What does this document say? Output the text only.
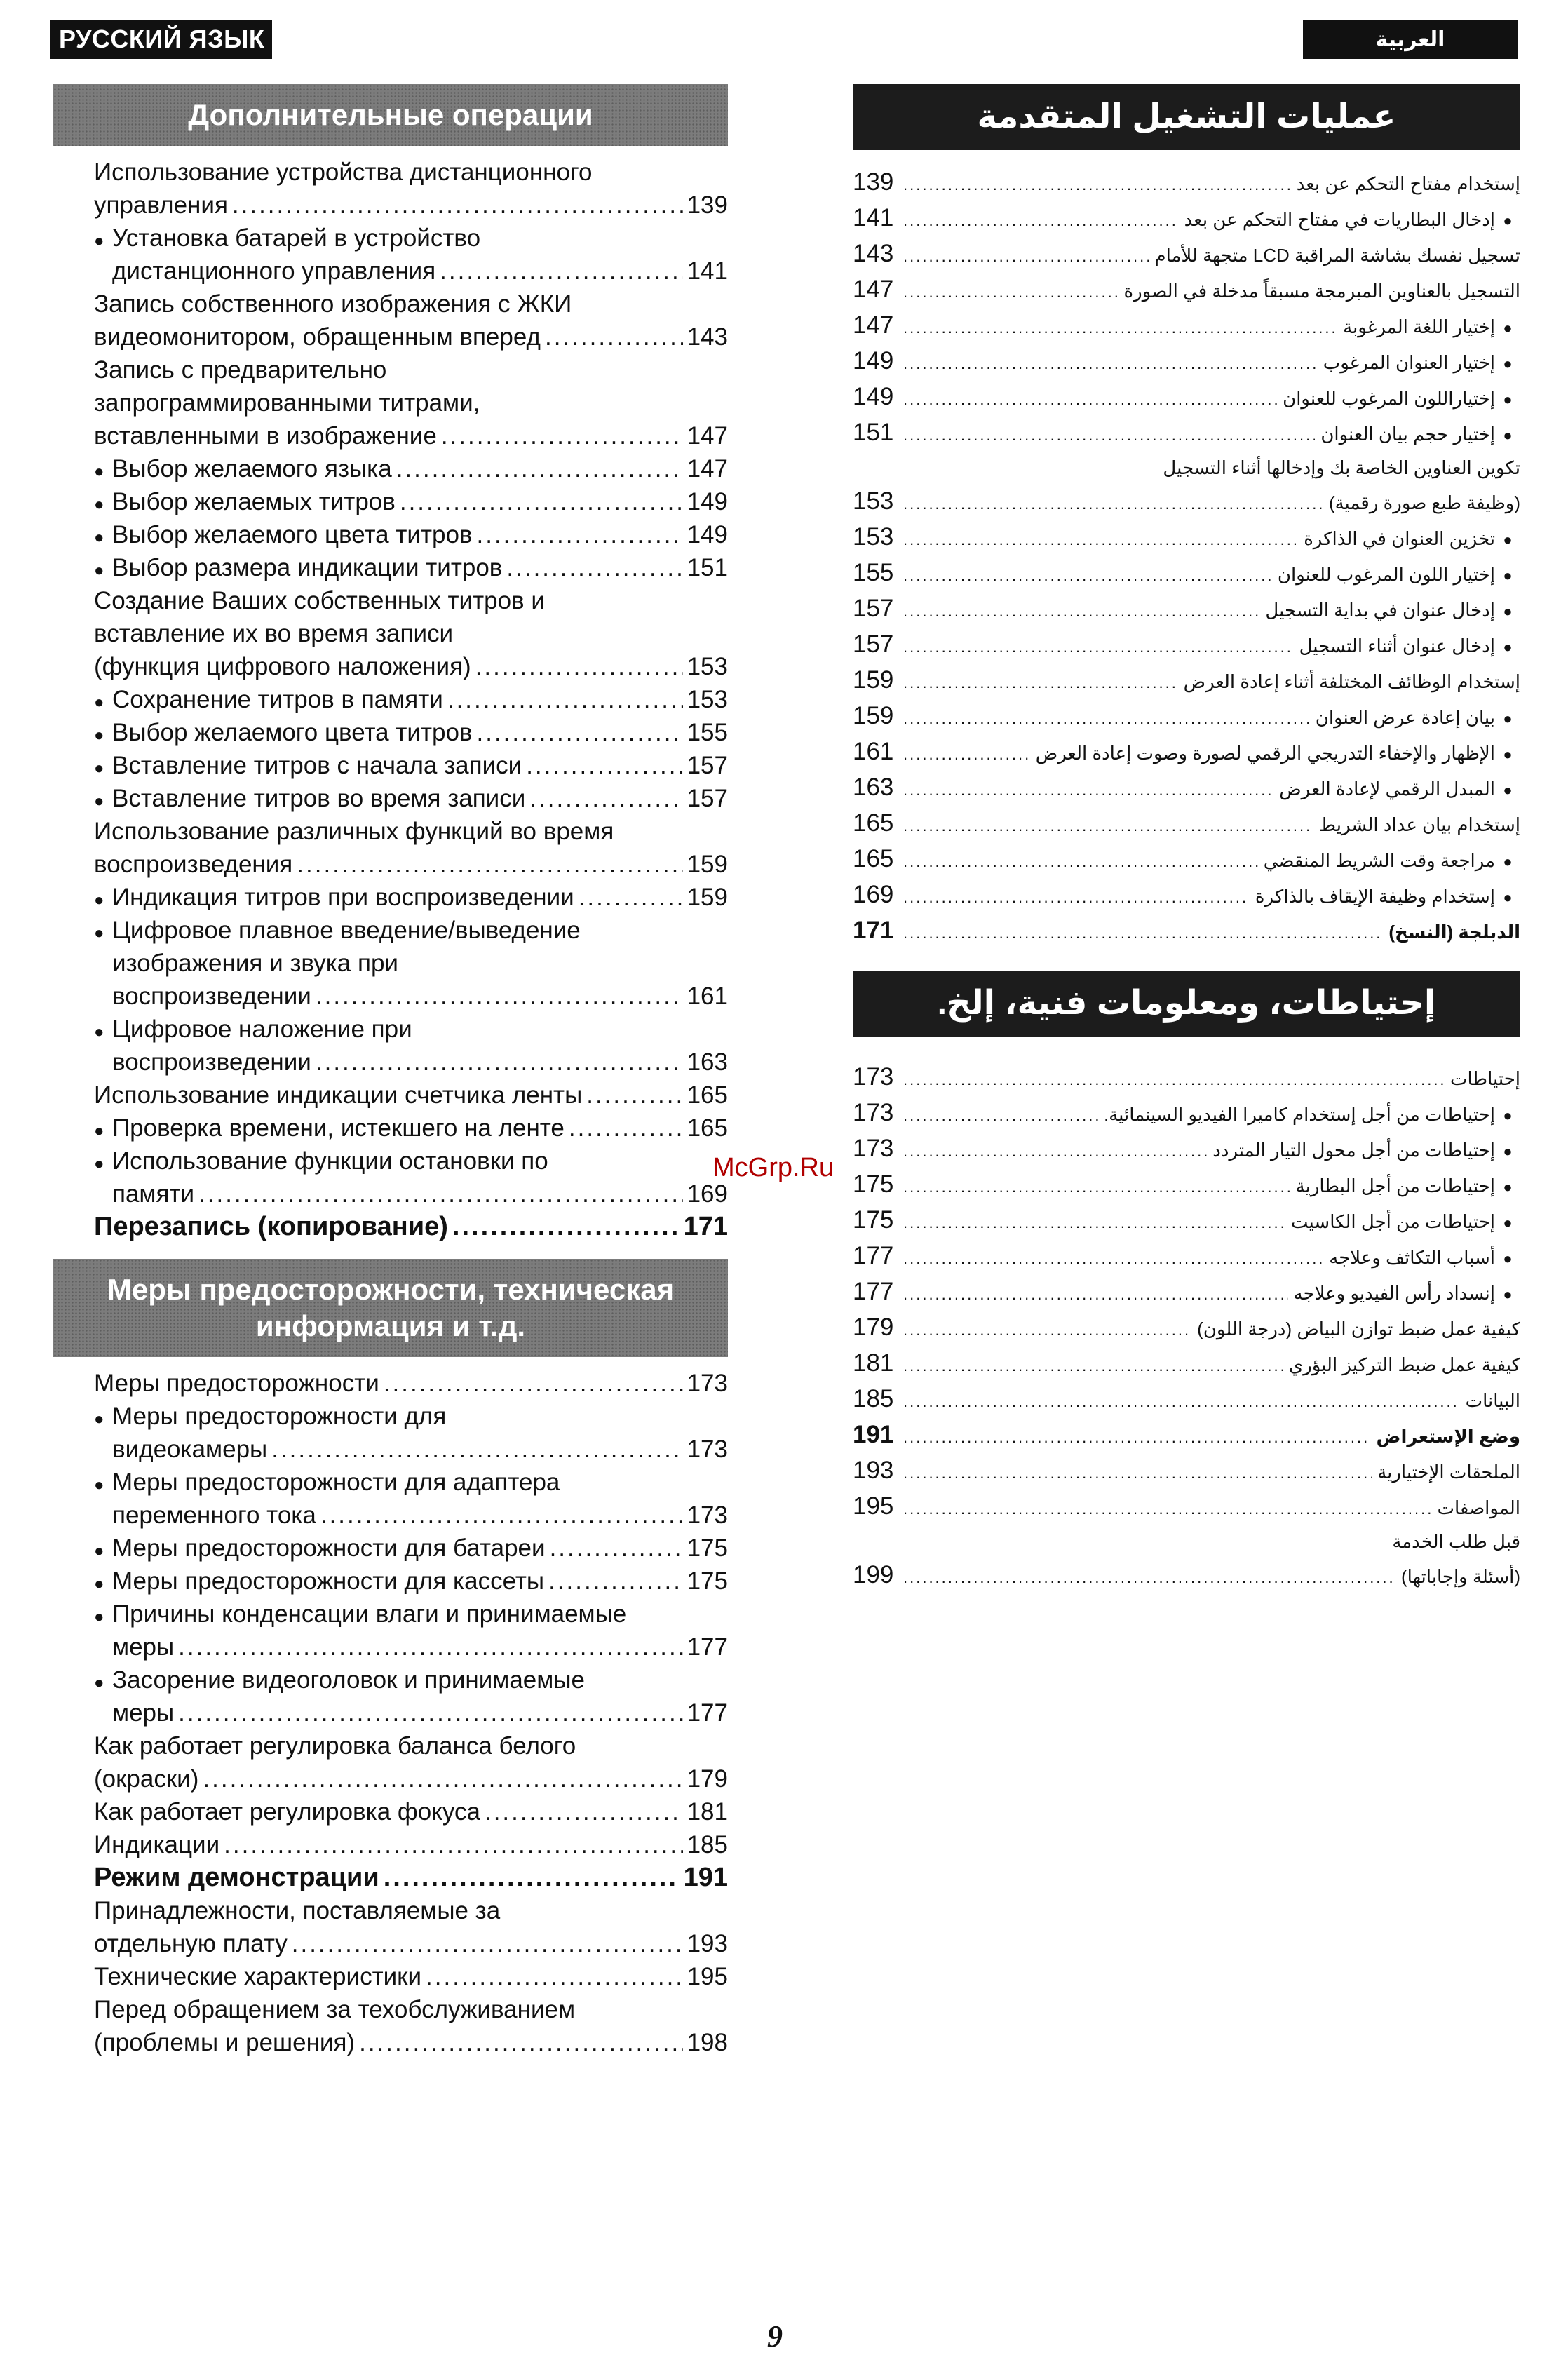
РУССКИЙ ЯЗЫК	العربية
Дополнительные операции
Использование устройства дистанционного
управления .....	139
● Установка батарей в устройство
дистанционного управления .....	141
Запись собственного изображения с ЖКИ
видеомонитором, обращенным вперед .....	143
Запись с предварительно
запрограммированными титрами,
вставленными в изображение .....	147
● Выбор желаемого языка .....	147
● Выбор желаемых титров .....	149
● Выбор желаемого цвета титров .....	149
● Выбор размера индикации титров .....	151
Создание Ваших собственных титров и
вставление их во время записи
(функция цифрового наложения) .....	153
● Сохранение титров в памяти .....	153
● Выбор желаемого цвета титров .....	155
● Вставление титров с начала записи .....	157
● Вставление титров во время записи .....	157
Использование различных функций во время
воспроизведения .....	159
● Индикация титров при воспроизведении .....	159
● Цифровое плавное введение/выведение
изображения и звука при
воспроизведении .....	161
● Цифровое наложение при
воспроизведении .....	163
Использование индикации счетчика ленты .....	165
● Проверка времени, истекшего на ленте .....	165
● Использование функции остановки по
памяти .....	169
Перезапись (копирование) .....	171
Меры предосторожности, техническая
информация и т.д.
Меры предосторожности .....	173
● Меры предосторожности для
видеокамеры .....	173
● Меры предосторожности для адаптера
переменного тока .....	173
● Меры предосторожности для батареи .....	175
● Меры предосторожности для кассеты .....	175
● Причины конденсации влаги и принимаемые
меры .....	177
● Засорение видеоголовок и принимаемые
меры .....	177
Как работает регулировка баланса белого
(окраски) .....	179
Как работает регулировка фокуса .....	181
Индикации .....	185
Режим демонстрации .....	191
Принадлежности, поставляемые за
отдельную плату .....	193
Технические характеристики .....	195
Перед обращением за техобслуживанием
(проблемы и решения) .....	198
عمليات التشغيل المتقدمة
139 .....	إستخدام مفتاح التحكم عن بعد
141 .....	●إدخال البطاريات في مفتاح التحكم عن بعد
143 .....	تسجيل نفسك بشاشة المراقبة LCD متجهة للأمام
147 .....	التسجيل بالعناوين المبرمجة مسبقاً مدخلة في الصورة
147 .....	●إختيار اللغة المرغوبة
149 .....	●إختيار العنوان المرغوب
149 .....	●إختياراللون المرغوب للعنوان
151 .....	●إختيار حجم بيان العنوان
تكوين العناوين الخاصة بك وإدخالها أثناء التسجيل
153 .....	(وظيفة طبع صورة رقمية)
153 .....	●تخزين العنوان في الذاكرة
155 .....	●إختيار اللون المرغوب للعنوان
157 .....	●إدخال عنوان في بداية التسجيل
157 .....	●إدخال عنوان أثناء التسجيل
159 .....	إستخدام الوظائف المختلفة أثناء إعادة العرض
159 .....	●بيان إعادة عرض العنوان
161 .....	●الإظهار والإخفاء التدريجي الرقمي لصورة وصوت إعادة العرض
163 .....	●المبدل الرقمي لإعادة العرض
165 .....	إستخدام بيان عداد الشريط
165 .....	●مراجعة وقت الشريط المنقضي
169 .....	●إستخدام وظيفة الإيقاف بالذاكرة
171 .....	الدبلجة (النسخ)
إحتياطات، ومعلومات فنية، إلخ.
173 .....	إحتياطات
173 .....	●إحتياطات من أجل إستخدام كاميرا الفيديو السينمائية.
173 .....	●إحتياطات من أجل محول التيار المتردد
175 .....	●إحتياطات من أجل البطارية
175 .....	●إحتياطات من أجل الكاسيت
177 .....	●أسباب التكاثف وعلاجه
177 .....	●إنسداد رأس الفيديو وعلاجه
179 .....	كيفية عمل ضبط توازن البياض (درجة اللون)
181 .....	كيفية عمل ضبط التركيز البؤري
185 .....	البيانات
191 .....	وضع الإستعراض
193 .....	الملحقات الإختيارية
195 .....	المواصفات
قبل طلب الخدمة
199 .....	(أسئلة وإجاباتها)
McGrp.Ru
9
